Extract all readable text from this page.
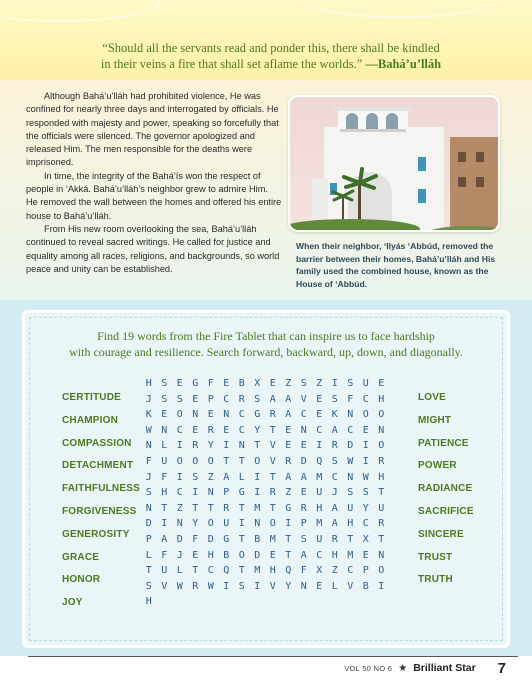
“Should all the servants read and ponder this, there shall be kindled
in their veins a fire that shall set aflame the worlds.” —Bahá’u’lláh

Although Bahá’u’lláh had prohibited violence, He was confined for nearly three days and interrogated by officials. He responded with majesty and power, speaking so forcefully that the officials were silenced. The governor apologized and released Him. The men responsible for the deaths were imprisoned.

In time, the integrity of the Bahá’ís won the respect of people in ‘Akká. Bahá’u’lláh’s neighbor grew to admire Him. He removed the wall between the homes and offered his entire house to Bahá’u’lláh.

From His new room overlooking the sea, Bahá’u’lláh continued to reveal sacred writings. He called for justice and equality among all races, religions, and backgrounds, so world peace and unity can be established.

When their neighbor, ‘Ilyás ‘Abbúd, removed the barrier between their homes, Bahá’u’lláh and His family used the combined house, known as the House of ‘Abbúd.
Find 19 words from the Fire Tablet that can inspire us to face hardship
with courage and resilience. Search forward, backward, up, down, and diagonally.
CERTITUDE
CHAMPION
COMPASSION
DETACHMENT
FAITHFULNESS
FORGIVENESS
GENEROSITY
GRACE
HONOR
JOY
LOVE
MIGHT
PATIENCE
POWER
RADIANCE
SACRIFICE
SINCERE
TRUST
TRUTH
H S E G F E B X E Z S Z I S U E
J S S E P C R S A A V E S F C H
K E O N E N C G R A C E K N O O
W N C E R E C Y T E N C A C E N
N L I R Y I N T V E E I R D I O
F U O O O T T O V R D Q S W I R
J F I S Z A L I T A A M C N W H
S H C I N P G I R Z E U J S S T
N T Z T T R T M T G R H A U Y U
D I N Y O U I N O I P M A H C R
P A D F D G T B M T S U R T X T
L F J E H B O D E T A C H M E N
T U L T C Q T M H Q F X Z C P O
S V W R W I S I V Y N E L V B I
H
VOL 50 NO 6 ★ Brilliant Star 7
